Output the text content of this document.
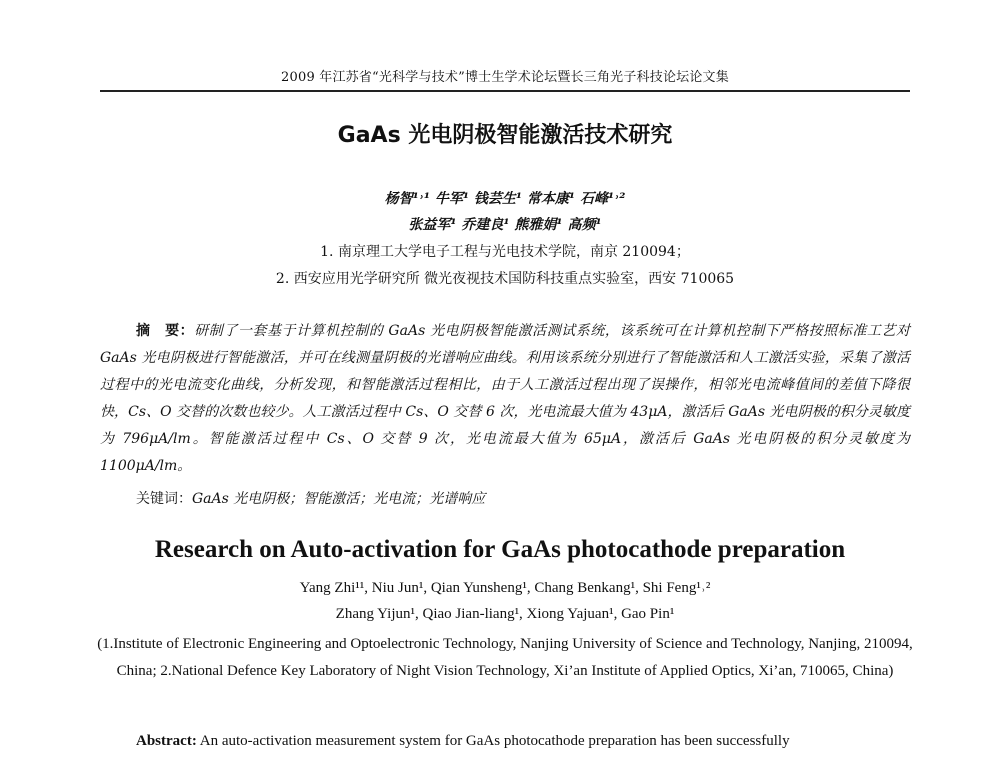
2009 年江苏省“光科学与技术”博士生学术论坛暨长三角光子科技论坛论文集
GaAs 光电阴极智能激活技术研究
杨智¹˒¹ 牛军¹ 钱芸生¹ 常本康¹ 石峰¹˒²
张益军¹ 乔建良¹ 熊雅娟¹ 高频¹
1. 南京理工大学电子工程与光电技术学院，南京 210094；
2. 西安应用光学研究所 微光夜视技术国防科技重点实验室，西安 710065
摘　要：研制了一套基于计算机控制的 GaAs 光电阴极智能激活测试系统，该系统可在计算机控制下严格按照标准工艺对 GaAs 光电阴极进行智能激活，并可在线测量阴极的光谱响应曲线。利用该系统分别进行了智能激活和人工激活实验，采集了激活过程中的光电流变化曲线，分析发现，和智能激活过程相比，由于人工激活过程出现了误操作，相邻光电流峰值间的差值下降很快，Cs、O 交替的次数也较少。人工激活过程中 Cs、O 交替 6 次，光电流最大值为 43μA，激活后 GaAs 光电阴极的积分灵敏度为 796μA/lm。智能激活过程中 Cs、O 交替 9 次，光电流最大值为 65μA，激活后 GaAs 光电阴极的积分灵敏度为 1100μA/lm。
关键词：GaAs 光电阴极；智能激活；光电流；光谱响应
Research on Auto-activation for GaAs photocathode preparation
Yang Zhi¹¹, Niu Jun¹, Qian Yunsheng¹, Chang Benkang¹, Shi Feng¹˒²
Zhang Yijun¹, Qiao Jian-liang¹, Xiong Yajuan¹, Gao Pin¹
(1.Institute of Electronic Engineering and Optoelectronic Technology, Nanjing University of Science and Technology, Nanjing, 210094, China; 2.National Defence Key Laboratory of Night Vision Technology, Xi’an Institute of Applied Optics, Xi’an, 710065, China)
Abstract: An auto-activation measurement system for GaAs photocathode preparation has been successfully
